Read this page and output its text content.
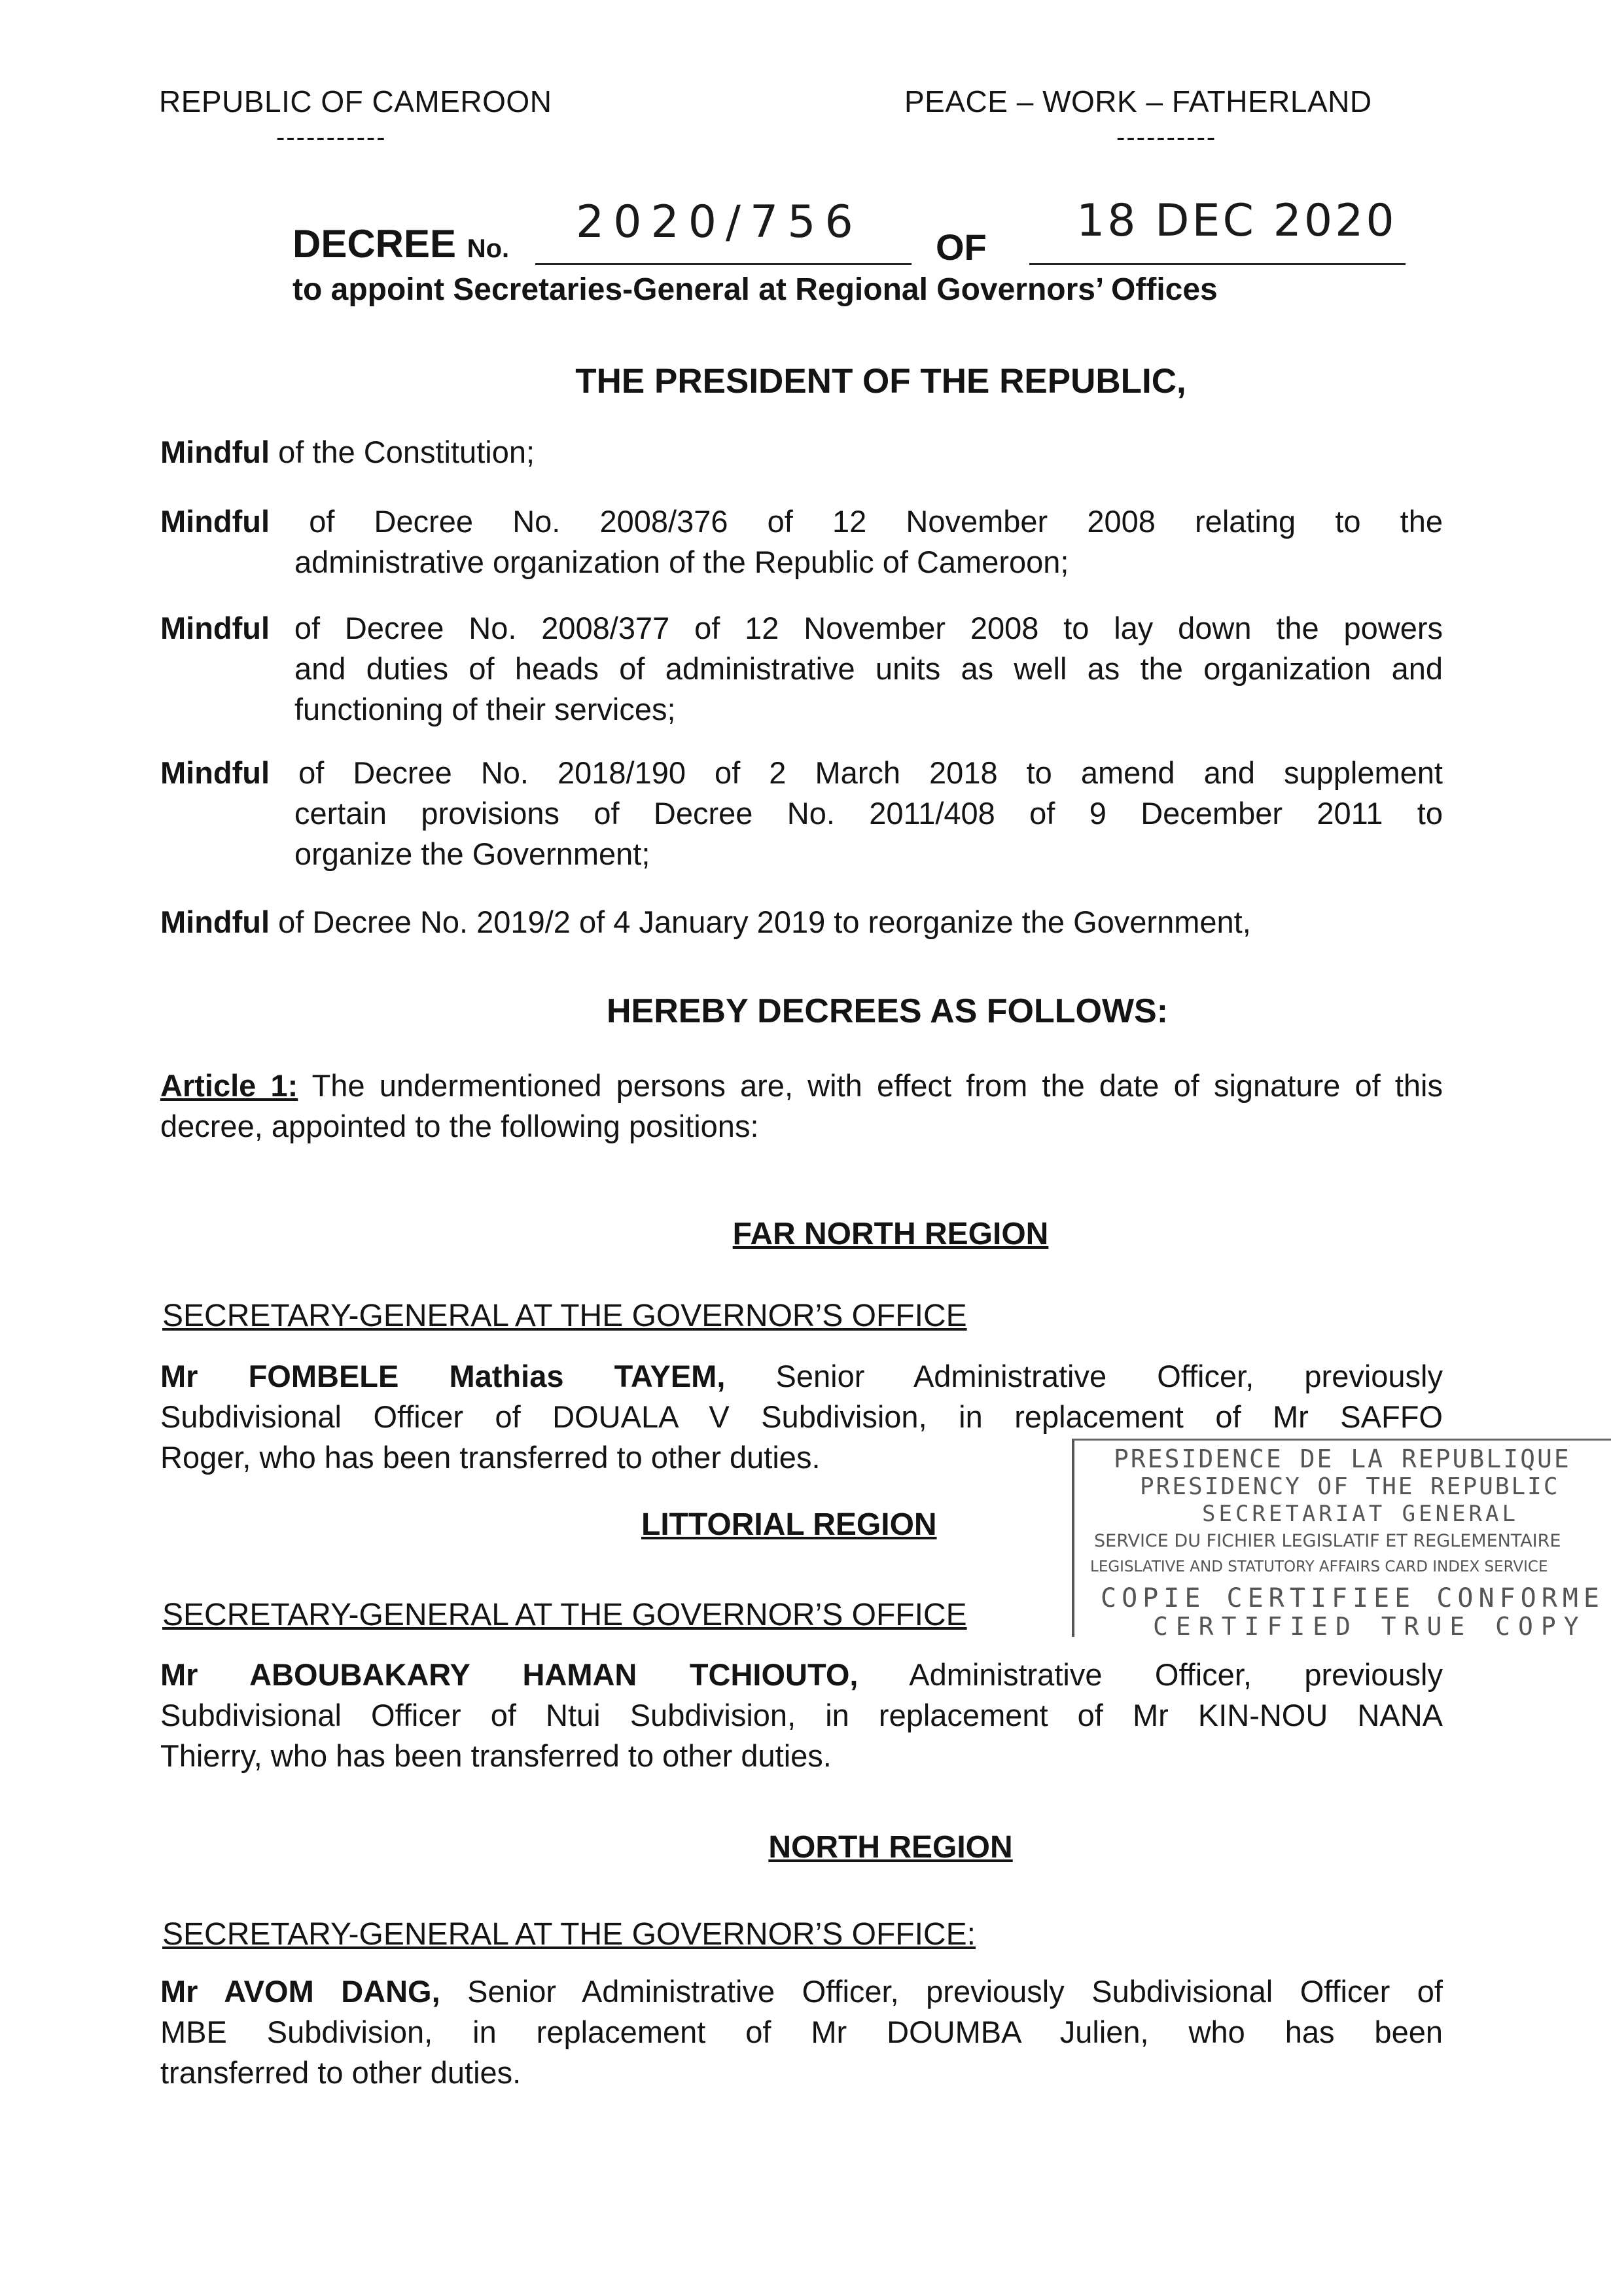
REPUBLIC OF CAMEROON
-----------
PEACE – WORK – FATHERLAND
----------
DECREE No.
2020/756 OF
18 DEC 2020
to appoint Secretaries-General at Regional Governors’ Offices
THE PRESIDENT OF THE REPUBLIC,
Mindful of the Constitution;
Mindful of Decree No. 2008/376 of 12 November 2008 relating to the
administrative organization of the Republic of Cameroon;
Mindful of Decree No. 2008/377 of 12 November 2008 to lay down the powers
and duties of heads of administrative units as well as the organization and
functioning of their services;
Mindful of Decree No. 2018/190 of 2 March 2018 to amend and supplement
certain provisions of Decree No. 2011/408 of 9 December 2011 to
organize the Government;
Mindful of Decree No. 2019/2 of 4 January 2019 to reorganize the Government,
HEREBY DECREES AS FOLLOWS:
Article 1: The undermentioned persons are, with effect from the date of signature of this
decree, appointed to the following positions:
FAR NORTH REGION
SECRETARY-GENERAL AT THE GOVERNOR’S OFFICE
Mr FOMBELE Mathias TAYEM, Senior Administrative Officer, previously
Subdivisional Officer of DOUALA V Subdivision, in replacement of Mr SAFFO
Roger, who has been transferred to other duties.
LITTORIAL REGION
SECRETARY-GENERAL AT THE GOVERNOR’S OFFICE
Mr ABOUBAKARY HAMAN TCHIOUTO, Administrative Officer, previously
Subdivisional Officer of Ntui Subdivision, in replacement of Mr KIN-NOU NANA
Thierry, who has been transferred to other duties.
PRESIDENCE DE LA REPUBLIQUE
PRESIDENCY OF THE REPUBLIC
SECRETARIAT GENERAL
SERVICE DU FICHIER LEGISLATIF ET REGLEMENTAIRE
LEGISLATIVE AND STATUTORY AFFAIRS CARD INDEX SERVICE
COPIE CERTIFIEE CONFORME
CERTIFIED TRUE COPY
NORTH REGION
SECRETARY-GENERAL AT THE GOVERNOR’S OFFICE:
Mr AVOM DANG, Senior Administrative Officer, previously Subdivisional Officer of
MBE Subdivision, in replacement of Mr DOUMBA Julien, who has been
transferred to other duties.
